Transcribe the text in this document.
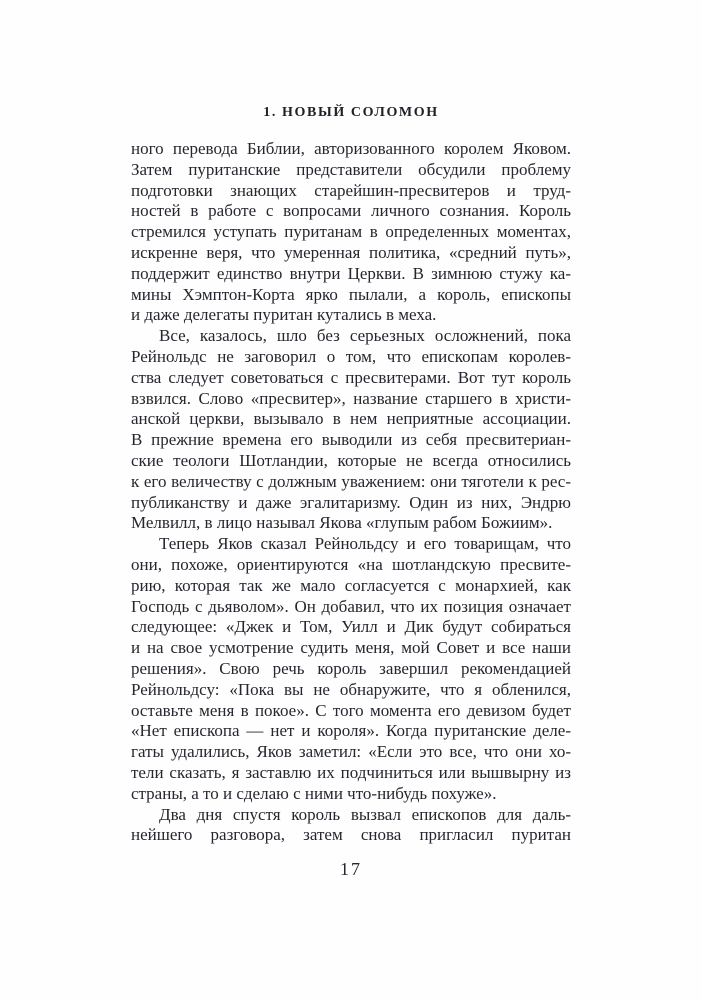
1. НОВЫЙ СОЛОМОН
ного перевода Библии, авторизованного королем Яковом.
Затем пуританские представители обсудили проблему
подготовки знающих старейшин-пресвитеров и труд-
ностей в работе с вопросами личного сознания. Король
стремился уступать пуританам в определенных моментах,
искренне веря, что умеренная политика, «средний путь»,
поддержит единство внутри Церкви. В зимнюю стужу ка-
мины Хэмптон-Корта ярко пылали, а король, епископы
и даже делегаты пуритан кутались в меха.
Все, казалось, шло без серьезных осложнений, пока
Рейнольдс не заговорил о том, что епископам королев-
ства следует советоваться с пресвитерами. Вот тут король
взвился. Слово «пресвитер», название старшего в христи-
анской церкви, вызывало в нем неприятные ассоциации.
В прежние времена его выводили из себя пресвитериан-
ские теологи Шотландии, которые не всегда относились
к его величеству с должным уважением: они тяготели к рес-
публиканству и даже эгалитаризму. Один из них, Эндрю
Мелвилл, в лицо называл Якова «глупым рабом Божиим».
Теперь Яков сказал Рейнольдсу и его товарищам, что
они, похоже, ориентируются «на шотландскую пресвите-
рию, которая так же мало согласуется с монархией, как
Господь с дьяволом». Он добавил, что их позиция означает
следующее: «Джек и Том, Уилл и Дик будут собираться
и на свое усмотрение судить меня, мой Совет и все наши
решения». Свою речь король завершил рекомендацией
Рейнольдсу: «Пока вы не обнаружите, что я обленился,
оставьте меня в покое». С того момента его девизом будет
«Нет епископа — нет и короля». Когда пуританские деле-
гаты удалились, Яков заметил: «Если это все, что они хо-
тели сказать, я заставлю их подчиниться или вышвырну из
страны, а то и сделаю с ними что-нибудь похуже».
Два дня спустя король вызвал епископов для даль-
нейшего разговора, затем снова пригласил пуритан
17
